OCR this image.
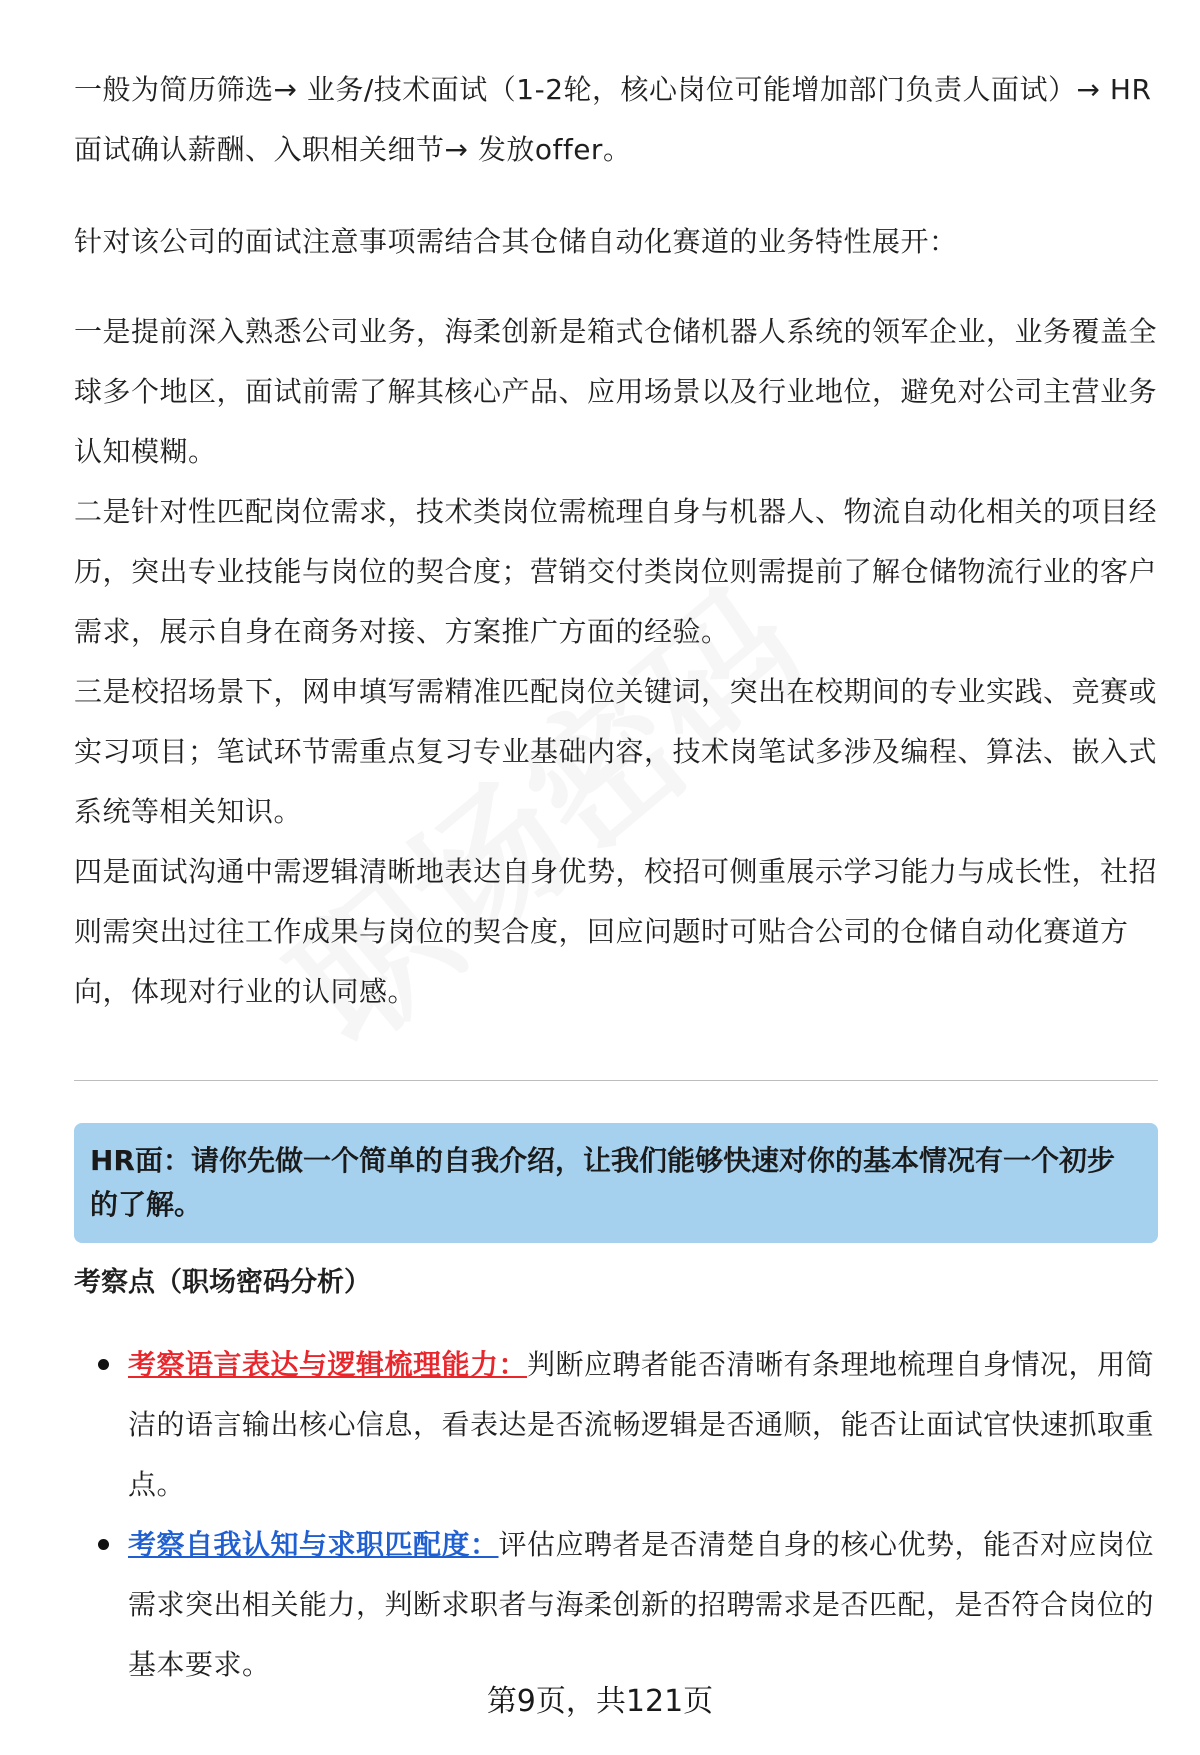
一般为简历筛选→ 业务/技术面试（1-2轮，核心岗位可能增加部门负责人面试）→ HR面试确认薪酬、入职相关细节→ 发放offer。

针对该公司的面试注意事项需结合其仓储自动化赛道的业务特性展开：

一是提前深入熟悉公司业务，海柔创新是箱式仓储机器人系统的领军企业，业务覆盖全球多个地区，面试前需了解其核心产品、应用场景以及行业地位，避免对公司主营业务认知模糊。

二是针对性匹配岗位需求，技术类岗位需梳理自身与机器人、物流自动化相关的项目经历，突出专业技能与岗位的契合度；营销交付类岗位则需提前了解仓储物流行业的客户需求，展示自身在商务对接、方案推广方面的经验。

三是校招场景下，网申填写需精准匹配岗位关键词，突出在校期间的专业实践、竞赛或实习项目；笔试环节需重点复习专业基础内容，技术岗笔试多涉及编程、算法、嵌入式系统等相关知识。

四是面试沟通中需逻辑清晰地表达自身优势，校招可侧重展示学习能力与成长性，社招则需突出过往工作成果与岗位的契合度，回应问题时可贴合公司的仓储自动化赛道方向，体现对行业的认同感。

HR面：请你先做一个简单的自我介绍，让我们能够快速对你的基本情况有一个初步的了解。
考察点（职场密码分析）
考察语言表达与逻辑梳理能力：判断应聘者能否清晰有条理地梳理自身情况，用简洁的语言输出核心信息，看表达是否流畅逻辑是否通顺，能否让面试官快速抓取重点。
考察自我认知与求职匹配度：评估应聘者是否清楚自身的核心优势，能否对应岗位需求突出相关能力，判断求职者与海柔创新的招聘需求是否匹配，是否符合岗位的基本要求。
第9页，共121页
